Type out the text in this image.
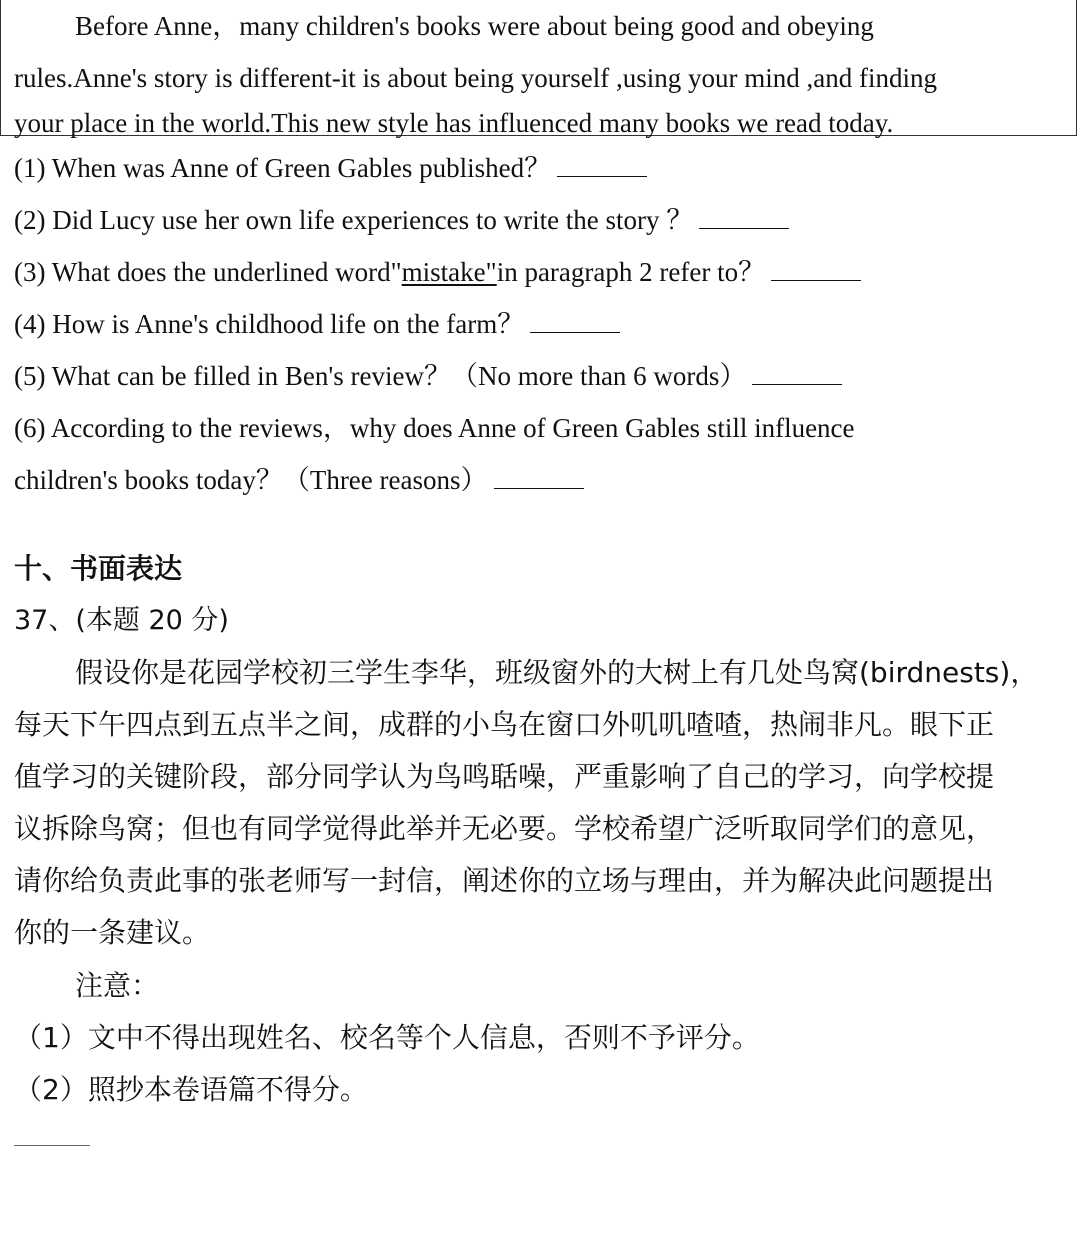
Before Anne，many children's books were about being good and obeying
rules.Anne's story is different-it is about being yourself ,using your mind ,and finding
your place in the world.This new style has influenced many books we read today.
(1) When was Anne of Green Gables published？
(2) Did Lucy use her own life experiences to write the story ？
(3) What does the underlined word"mistake"in paragraph 2 refer to？
(4) How is Anne's childhood life on the farm？
(5) What can be filled in Ben's review？（No more than 6 words）
(6) According to the reviews，why does Anne of Green Gables still influence
children's books today？（Three reasons）
十、书面表达
37、(本题 20 分)
假设你是花园学校初三学生李华，班级窗外的大树上有几处鸟窝(birdnests)，
每天下午四点到五点半之间，成群的小鸟在窗口外叽叽喳喳，热闹非凡。眼下正
值学习的关键阶段，部分同学认为鸟鸣聒噪，严重影响了自己的学习，向学校提
议拆除鸟窝；但也有同学觉得此举并无必要。学校希望广泛听取同学们的意见，
请你给负责此事的张老师写一封信，阐述你的立场与理由，并为解决此问题提出
你的一条建议。
注意：
（1）文中不得出现姓名、校名等个人信息，否则不予评分。
（2）照抄本卷语篇不得分。
